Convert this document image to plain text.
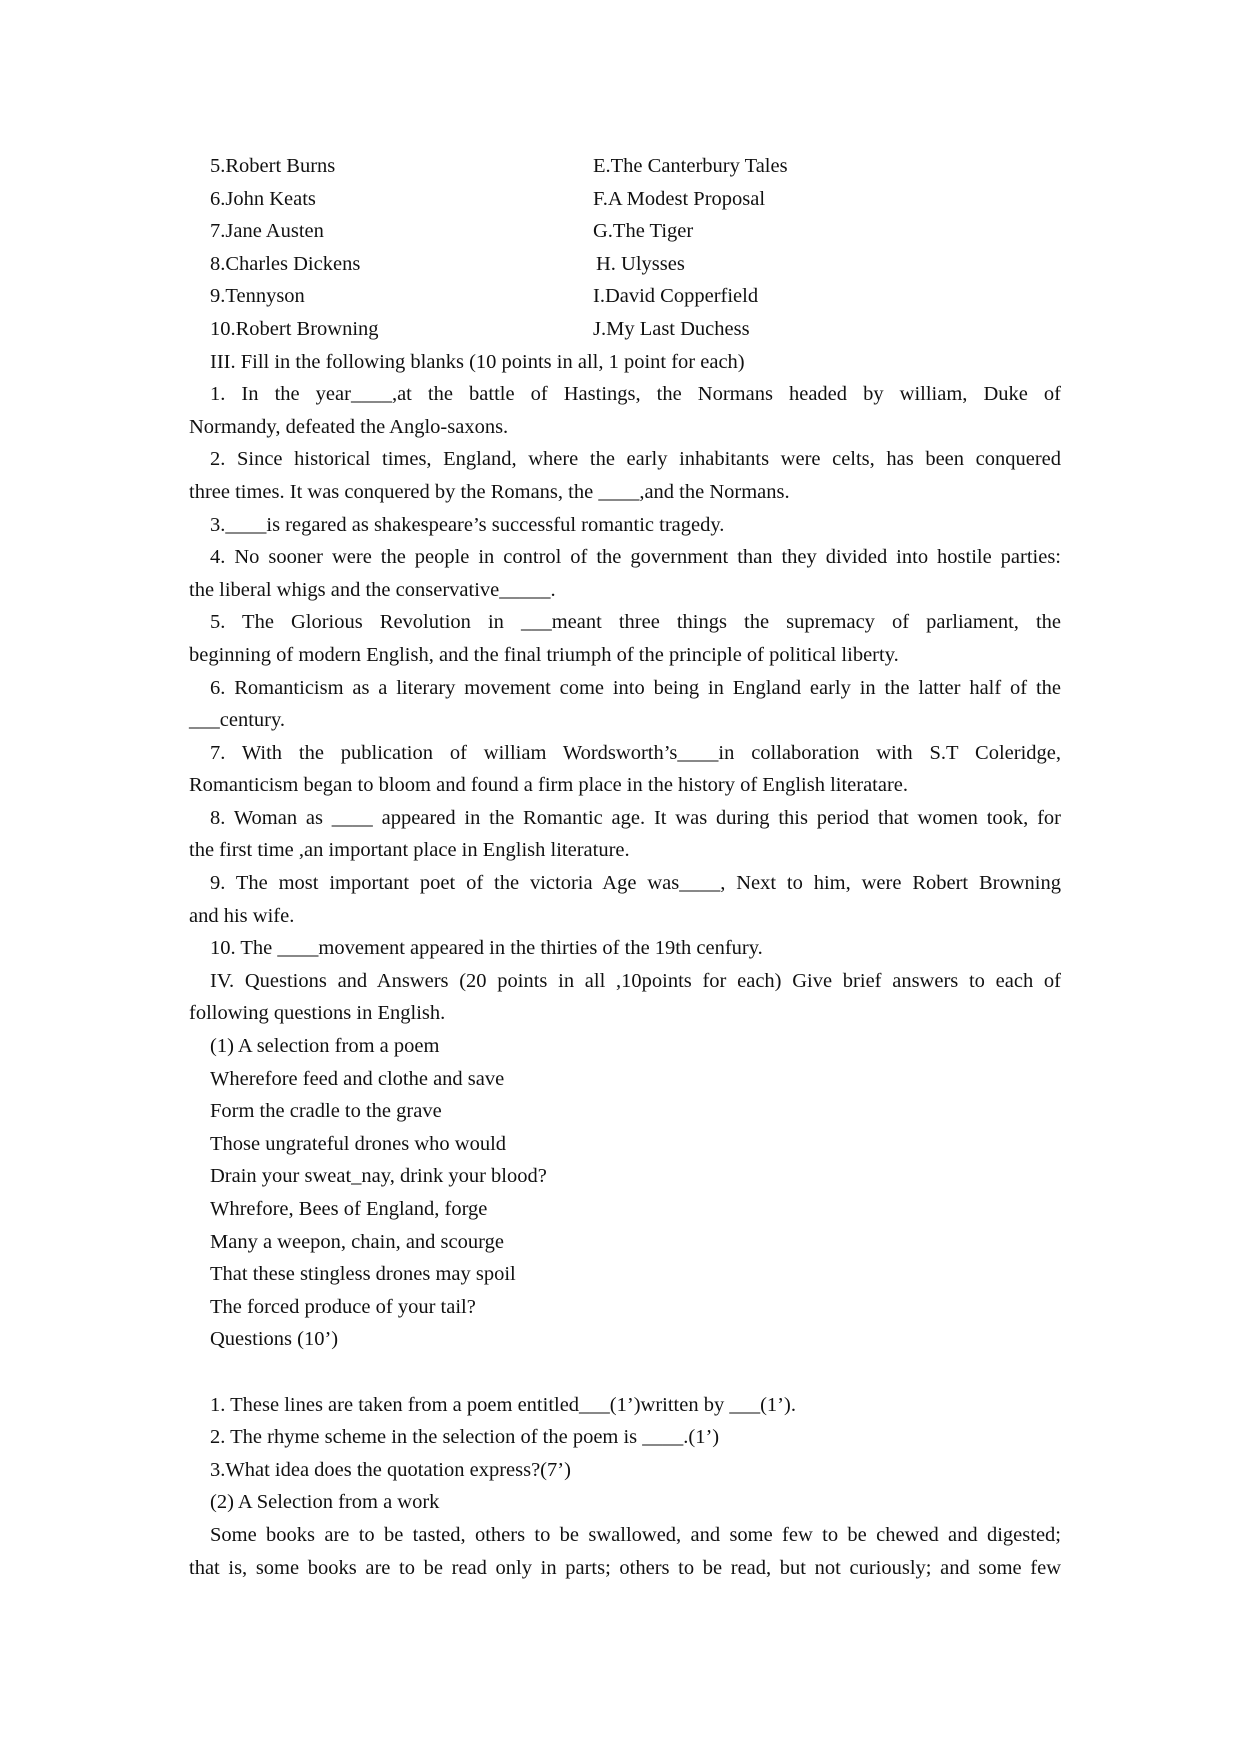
5.Robert Burns	E.The Canterbury Tales
6.John Keats	F.A Modest Proposal
7.Jane Austen	G.The Tiger
8.Charles Dickens	H. Ulysses
9.Tennyson	I.David Copperfield
10.Robert Browning	J.My Last Duchess
III. Fill in the following blanks (10 points in all, 1 point for each)
1. In the year____,at the battle of Hastings, the Normans headed by william, Duke of
Normandy, defeated the Anglo-saxons.
2. Since historical times, England, where the early inhabitants were celts, has been conquered
three times. It was conquered by the Romans, the ____,and the Normans.
3.____is regared as shakespeare’s successful romantic tragedy.
4. No sooner were the people in control of the government than they divided into hostile parties:
the liberal whigs and the conservative_____.
5. The Glorious Revolution in ___meant three things the supremacy of parliament, the
beginning of modern English, and the final triumph of the principle of political liberty.
6. Romanticism as a literary movement come into being in England early in the latter half of the
___century.
7. With the publication of william Wordsworth’s____in collaboration with S.T Coleridge,
Romanticism began to bloom and found a firm place in the history of English literatare.
8. Woman as ____ appeared in the Romantic age. It was during this period that women took, for
the first time ,an important place in English literature.
9. The most important poet of the victoria Age was____, Next to him, were Robert Browning
and his wife.
10. The ____movement appeared in the thirties of the 19th cenfury.
IV. Questions and Answers (20 points in all ,10points for each) Give brief answers to each of
following questions in English.
(1) A selection from a poem
Wherefore feed and clothe and save
Form the cradle to the grave
Those ungrateful drones who would
Drain your sweat_nay, drink your blood?
Whrefore, Bees of England, forge
Many a weepon, chain, and scourge
That these stingless drones may spoil
The forced produce of your tail?
Questions (10’)
1. These lines are taken from a poem entitled___(1’)written by ___(1’).
2. The rhyme scheme in the selection of the poem is ____.(1’)
3.What idea does the quotation express?(7’)
(2) A Selection from a work
Some books are to be tasted, others to be swallowed, and some few to be chewed and digested;
that is, some books are to be read only in parts; others to be read, but not curiously; and some few
